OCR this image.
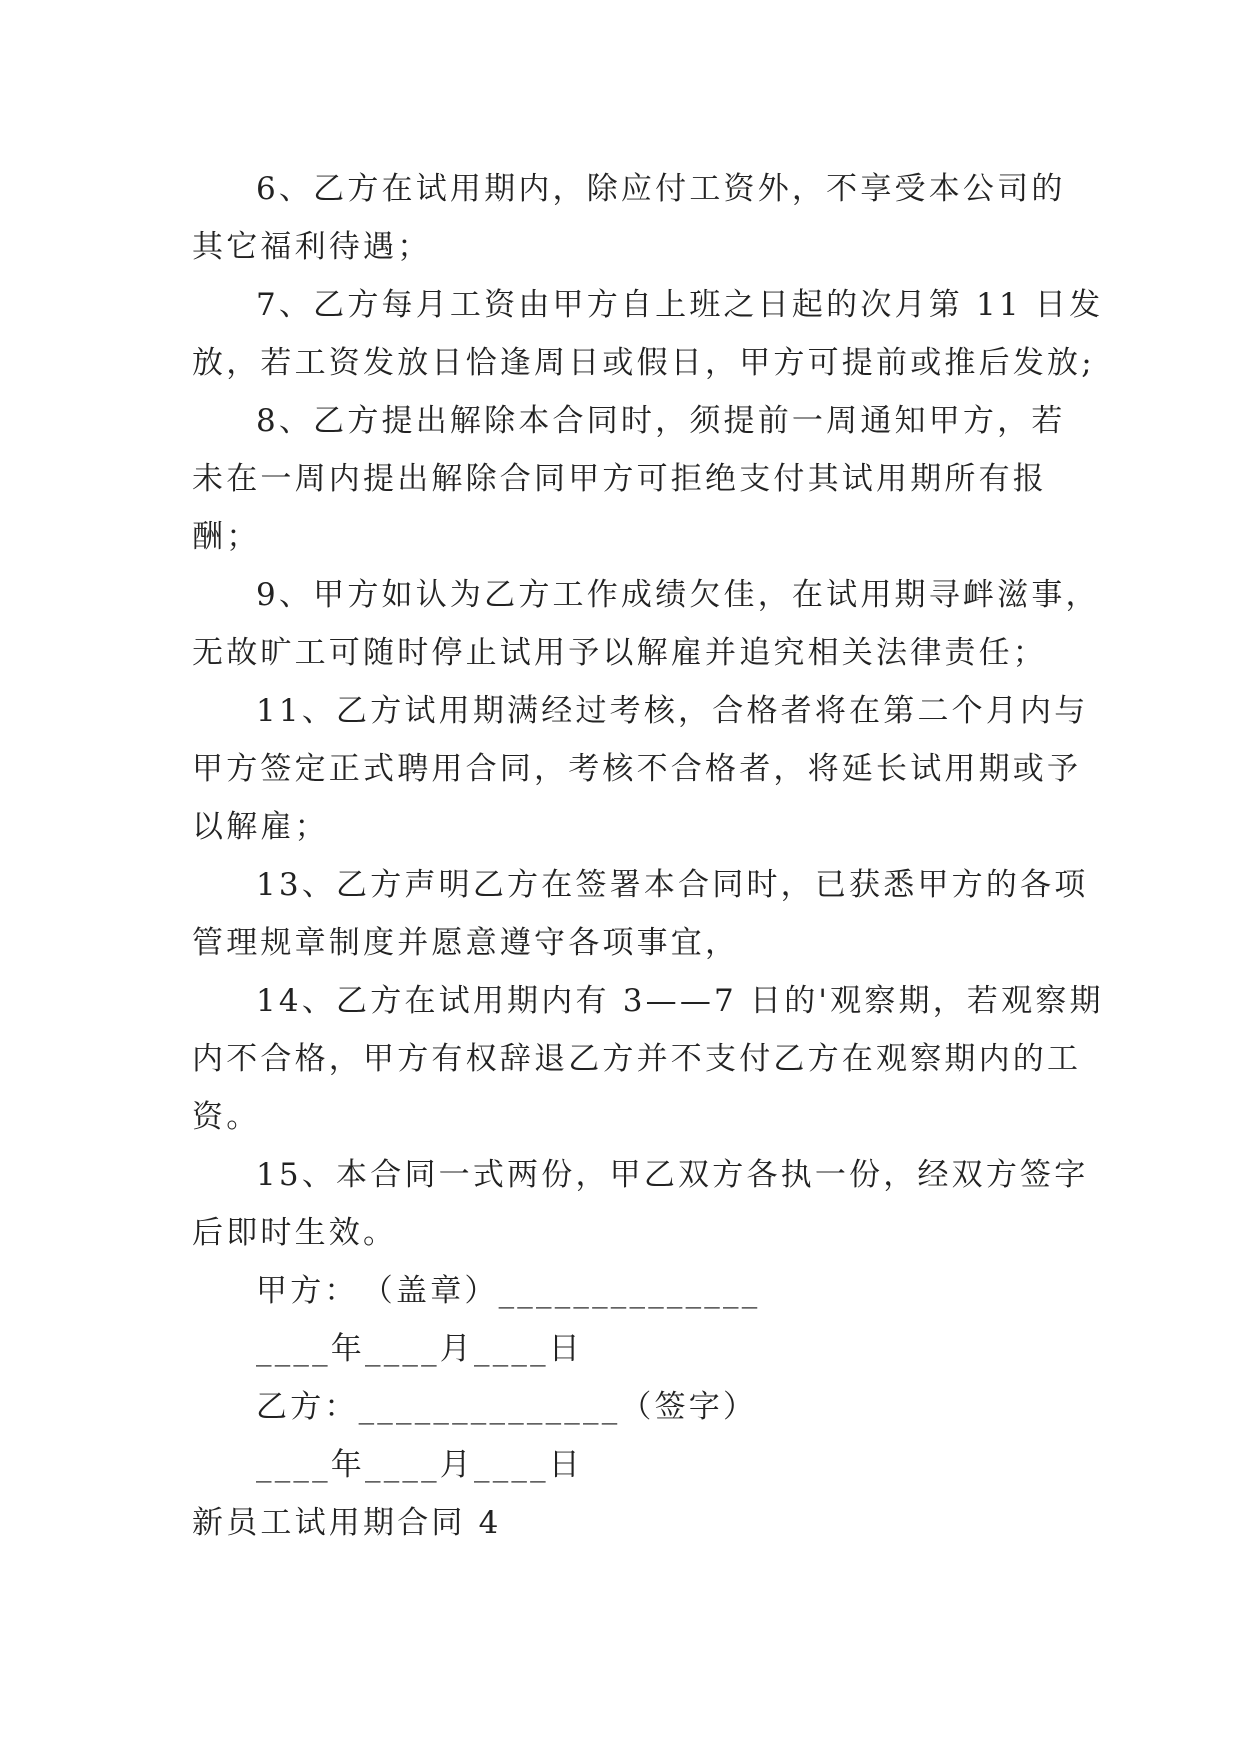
6、乙方在试用期内，除应付工资外，不享受本公司的
其它福利待遇；
7、乙方每月工资由甲方自上班之日起的次月第 11 日发
放，若工资发放日恰逢周日或假日，甲方可提前或推后发放;
8、乙方提出解除本合同时，须提前一周通知甲方，若
未在一周内提出解除合同甲方可拒绝支付其试用期所有报
酬；
9、甲方如认为乙方工作成绩欠佳，在试用期寻衅滋事，
无故旷工可随时停止试用予以解雇并追究相关法律责任；
11、乙方试用期满经过考核，合格者将在第二个月内与
甲方签定正式聘用合同，考核不合格者，将延长试用期或予
以解雇；
13、乙方声明乙方在签署本合同时，已获悉甲方的各项
管理规章制度并愿意遵守各项事宜，
14、乙方在试用期内有 3——7 日的'观察期，若观察期
内不合格，甲方有权辞退乙方并不支付乙方在观察期内的工
资。
15、本合同一式两份，甲乙双方各执一份，经双方签字
后即时生效。
甲方：　（盖章）______________
____年____月____日
乙方：______________（签字）
____年____月____日
新员工试用期合同 4
